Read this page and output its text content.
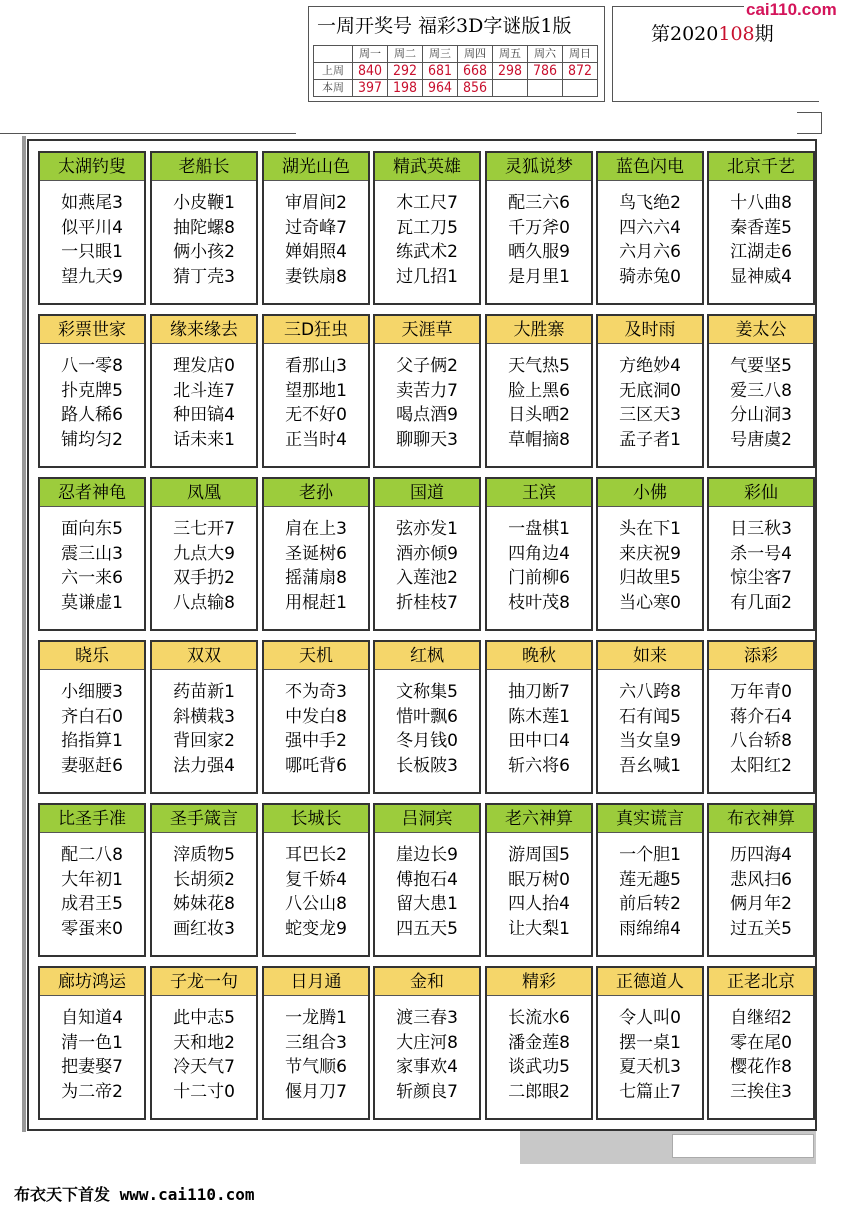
一周开奖号 福彩3D字谜版1版
	周一	周二	周三	周四	周五	周六	周日
上周	840	292	681	668	298	786	872
本周	397	198	964	856			
第2020108期
cai110.com
太湖钓叟
如燕尾3
似平川4
一只眼1
望九天9
老船长
小皮鞭1
抽陀螺8
俩小孩2
猜丁壳3
湖光山色
审眉间2
过奇峰7
婵娟照4
妻铁扇8
精武英雄
木工尺7
瓦工刀5
练武术2
过几招1
灵狐说梦
配三六6
千万斧0
晒久服9
是月里1
蓝色闪电
鸟飞绝2
四六六4
六月六6
骑赤兔0
北京千艺
十八曲8
秦香莲5
江湖走6
显神威4
彩票世家
八一零8
扑克牌5
路人稀6
铺均匀2
缘来缘去
理发店0
北斗连7
种田镐4
话未来1
三D狂虫
看那山3
望那地1
无不好0
正当时4
天涯草
父子俩2
卖苦力7
喝点酒9
聊聊天3
大胜寨
天气热5
脸上黑6
日头晒2
草帽摘8
及时雨
方绝妙4
无底洞0
三区天3
孟子者1
姜太公
气要坚5
爱三八8
分山洞3
号唐虞2
忍者神龟
面向东5
震三山3
六一来6
莫谦虚1
凤凰
三七开7
九点大9
双手扔2
八点输8
老孙
肩在上3
圣诞树6
摇蒲扇8
用棍赶1
国道
弦亦发1
酒亦倾9
入莲池2
折桂枝7
王滨
一盘棋1
四角边4
门前柳6
枝叶茂8
小佛
头在下1
来庆祝9
归故里5
当心寒0
彩仙
日三秋3
杀一号4
惊尘客7
有几面2
晓乐
小细腰3
齐白石0
掐指算1
妻驱赶6
双双
药苗新1
斜横栽3
背回家2
法力强4
天机
不为奇3
中发白8
强中手2
哪吒背6
红枫
文称集5
惜叶飘6
冬月钱0
长板陂3
晚秋
抽刀断7
陈木莲1
田中口4
斩六将6
如来
六八跨8
石有闻5
当女皇9
吾幺喊1
添彩
万年青0
蒋介石4
八台轿8
太阳红2
比圣手准
配二八8
大年初1
成君王5
零蛋来0
圣手箴言
滓质物5
长胡须2
姊妹花8
画红妆3
长城长
耳巴长2
复千娇4
八公山8
蛇变龙9
吕洞宾
崖边长9
傅抱石4
留大患1
四五天5
老六神算
游周国5
眠万树0
四人抬4
让大梨1
真实谎言
一个胆1
莲无趣5
前后转2
雨绵绵4
布衣神算
历四海4
悲风扫6
俩月年2
过五关5
廊坊鸿运
自知道4
清一色1
把妻娶7
为二帝2
子龙一句
此中志5
天和地2
冷天气7
十二寸0
日月通
一龙腾1
三组合3
节气顺6
偃月刀7
金和
渡三春3
大庄河8
家事欢4
斩颜良7
精彩
长流水6
潘金莲8
谈武功5
二郎眼2
正德道人
令人叫0
摆一桌1
夏天机3
七篇止7
正老北京
自继绍2
零在尾0
樱花作8
三挨住3
布衣天下首发 www.cai110.com
